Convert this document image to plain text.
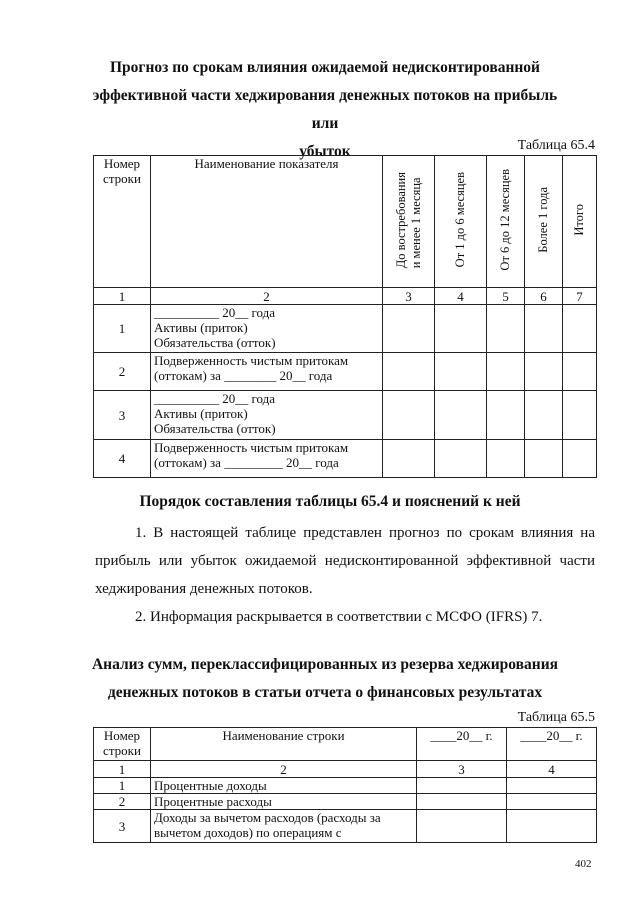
Прогноз по срокам влияния ожидаемой недисконтированной
эффективной части хеджирования денежных потоков на прибыль или
убыток	Таблица 65.4
Номер строки	Наименование показателя	До востребования
и менее 1 месяца	От 1 до 6 месяцев	От 6 до 12 месяцев	Более 1 года	Итого
1	2	3	4	5	6	7
1	__________ 20__ года
Активы (приток)
Обязательства (отток)					

2	Подверженность чистым притокам
(оттокам) за ________ 20__ года					

3	__________ 20__ года
Активы (приток)
Обязательства (отток)					

4	Подверженность чистым притокам
(оттокам) за _________ 20__ года					

Порядок составления таблицы 65.4 и пояснений к ней
1. В настоящей таблице представлен прогноз по срокам влияния на прибыль или убыток ожидаемой недисконтированной эффективной части хеджирования денежных потоков.
2. Информация раскрывается в соответствии с МСФО (IFRS) 7.
Анализ сумм, переклассифицированных из резерва хеджирования
денежных потоков в статьи отчета о финансовых результатах
Таблица 65.5
Номер строки	Наименование строки	____20__ г.	____20__ г.
1	2	3	4
1	Процентные доходы		
2	Процентные расходы		
3	Доходы за вычетом расходов (расходы за
вычетом доходов) по операциям с		

402
